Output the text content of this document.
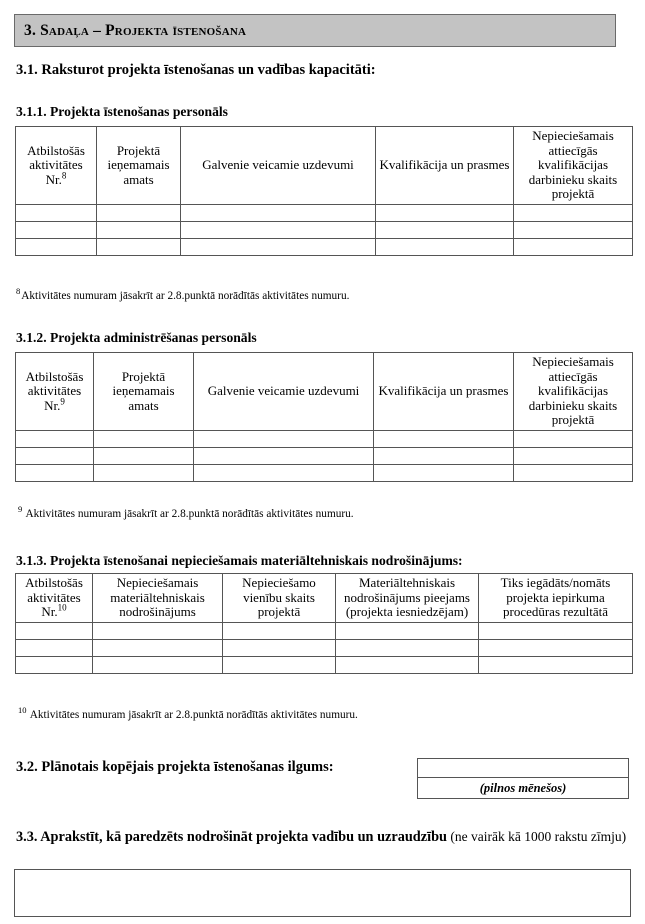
3. Sadaļa – Projekta īstenošana
3.1. Raksturot projekta īstenošanas un vadības kapacitāti:
3.1.1. Projekta īstenošanas personāls
Atbilstošās aktivitātes Nr.$^8$	Projektā ieņemamais amats	Galvenie veicamie uzdevumi	Kvalifikācija un prasmes	Nepieciešamais attiecīgās kvalifikācijas darbinieku skaits projektā

$^8$Aktivitātes numuram jāsakrīt ar 2.8.punktā norādītās aktivitātes numuru.
3.1.2. Projekta administrēšanas personāls
Atbilstošās aktivitātes Nr.$^9$	Projektā ieņemamais amats	Galvenie veicamie uzdevumi	Kvalifikācija un prasmes	Nepieciešamais attiecīgās kvalifikācijas darbinieku skaits projektā

$^9$ Aktivitātes numuram jāsakrīt ar 2.8.punktā norādītās aktivitātes numuru.
3.1.3. Projekta īstenošanai nepieciešamais materiāltehniskais nodrošinājums:
Atbilstošās aktivitātes Nr.$^{10}$	Nepieciešamais materiāltehniskais nodrošinājums	Nepieciešamo vienību skaits projektā	Materiāltehniskais nodrošinājums pieejams (projekta iesniedzējam)	Tiks iegādāts/nomāts projekta iepirkuma procedūras rezultātā

$^{10}$ Aktivitātes numuram jāsakrīt ar 2.8.punktā norādītās aktivitātes numuru.
3.2. Plānotais kopējais projekta īstenošanas ilgums:
(pilnos mēnešos)
3.3. Aprakstīt, kā paredzēts nodrošināt projekta vadību un uzraudzību (ne vairāk kā 1000 rakstu zīmju)
